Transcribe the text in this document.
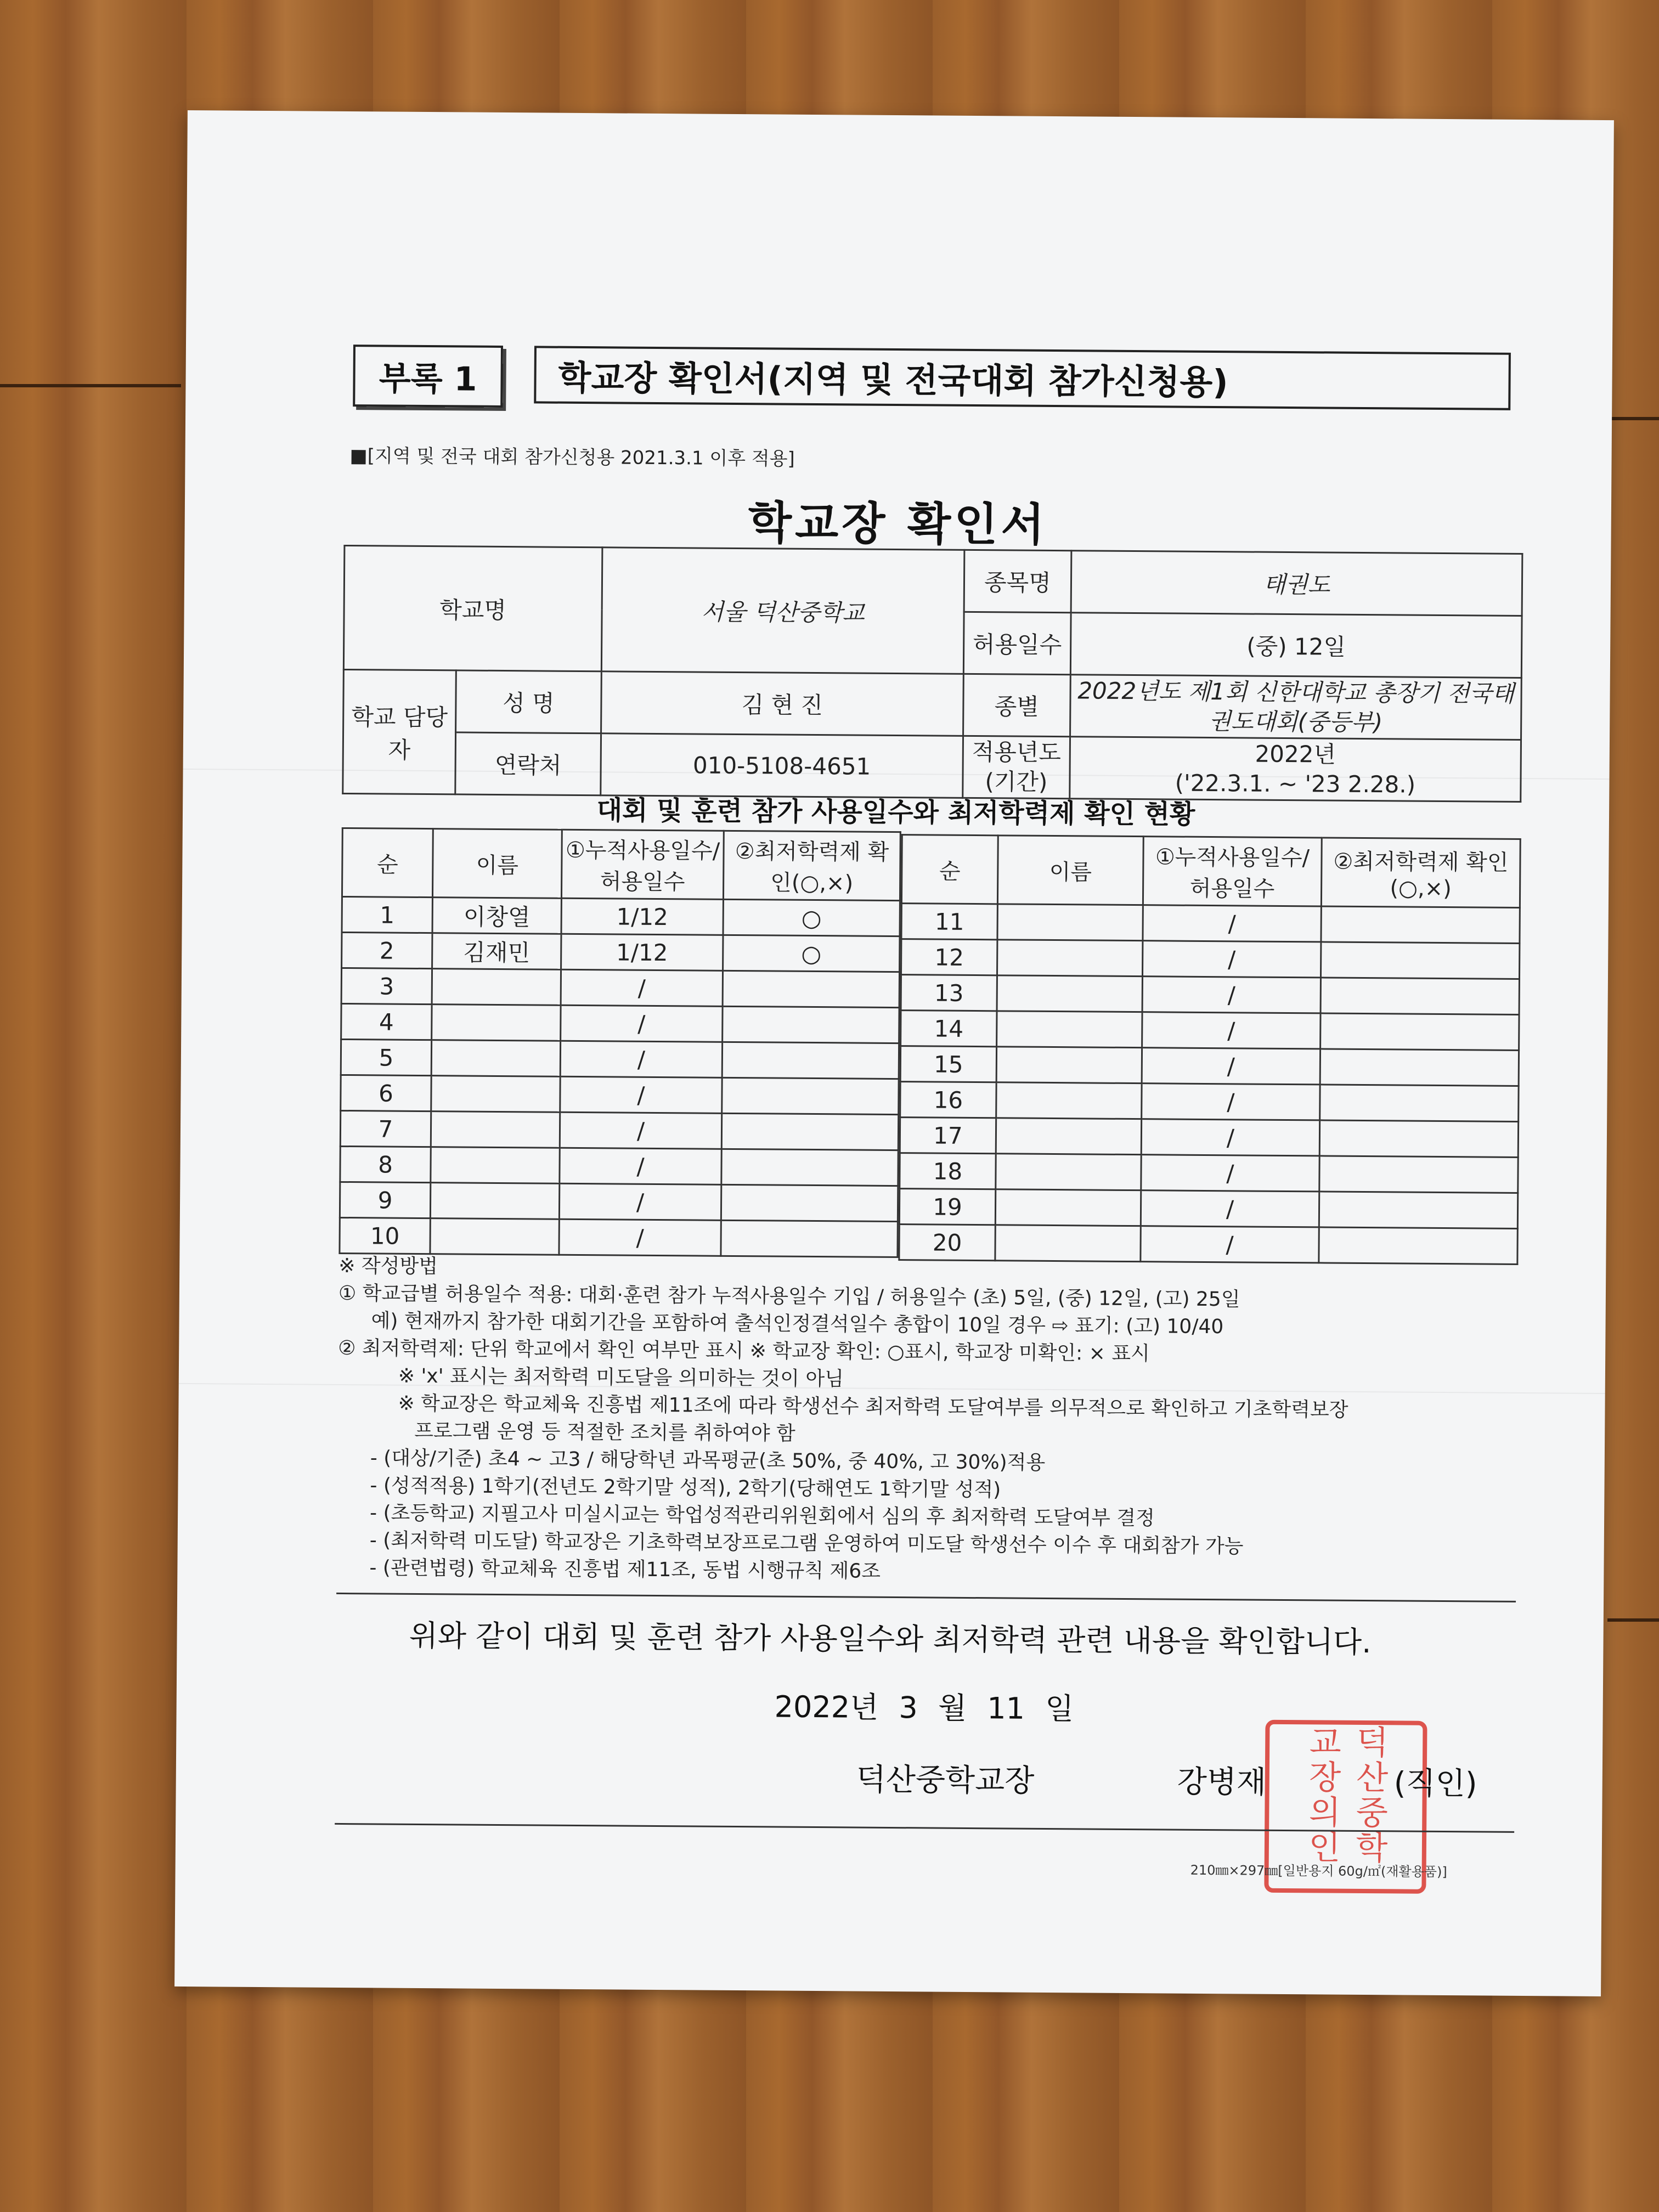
부록 1	학교장 확인서(지역 및 전국대회 참가신청용)
■[지역 및 전국 대회 참가신청용 2021.3.1 이후 적용]
학교장 확인서
학교명		서울 덕산중학교	종목명	태권도
			허용일수	(중) 12일
학교 담당자	성 명	김 현 진	종별	2022년도 제1회 신한대학교 총장기 전국태권도대회(중등부)
	연락처	010-5108-4651	적용년도 (기간)	2022년
('22.3.1. ~ '23 2.28.)
대회 및 훈련 참가 사용일수와 최저학력제 확인 현황
순	이름	①누적사용일수/ 허용일수	②최저학력제 확인(○,×)
1	이창열	1/12	○
2	김재민	1/12	○
3		/	
4		/	
5		/	
6		/	
7		/	
8		/	
9		/	
10		/	
순	이름	①누적사용일수/ 허용일수	②최저학력제 확인(○,×)
11		/	
12		/	
13		/	
14		/	
15		/	
16		/	
17		/	
18		/	
19		/	
20		/	
※ 작성방법
① 학교급별 허용일수 적용: 대회·훈련 참가 누적사용일수 기입 / 허용일수 (초) 5일, (중) 12일, (고) 25일
예) 현재까지 참가한 대회기간을 포함하여 출석인정결석일수 총합이 10일 경우 ⇨ 표기: (고) 10/40
② 최저학력제: 단위 학교에서 확인 여부만 표시 ※ 학교장 확인: ○표시, 학교장 미확인: × 표시
※ 'x' 표시는 최저학력 미도달을 의미하는 것이 아님
※ 학교장은 학교체육 진흥법 제11조에 따라 학생선수 최저학력 도달여부를 의무적으로 확인하고 기초학력보장
프로그램 운영 등 적절한 조치를 취하여야 함
- (대상/기준) 초4 ~ 고3 / 해당학년 과목평균(초 50%, 중 40%, 고 30%)적용
- (성적적용) 1학기(전년도 2학기말 성적), 2학기(당해연도 1학기말 성적)
- (초등학교) 지필고사 미실시교는 학업성적관리위원회에서 심의 후 최저학력 도달여부 결정
- (최저학력 미도달) 학교장은 기초학력보장프로그램 운영하여 미도달 학생선수 이수 후 대회참가 가능
- (관련법령) 학교체육 진흥법 제11조, 동법 시행규칙 제6조
위와 같이 대회 및 훈련 참가 사용일수와 최저학력 관련 내용을 확인합니다.
2022년 3 월 11 일
덕산중학교장	덕산중학교장의인
강병재	(직인)
210㎜×297㎜[일반용지 60g/㎡(재활용품)]
